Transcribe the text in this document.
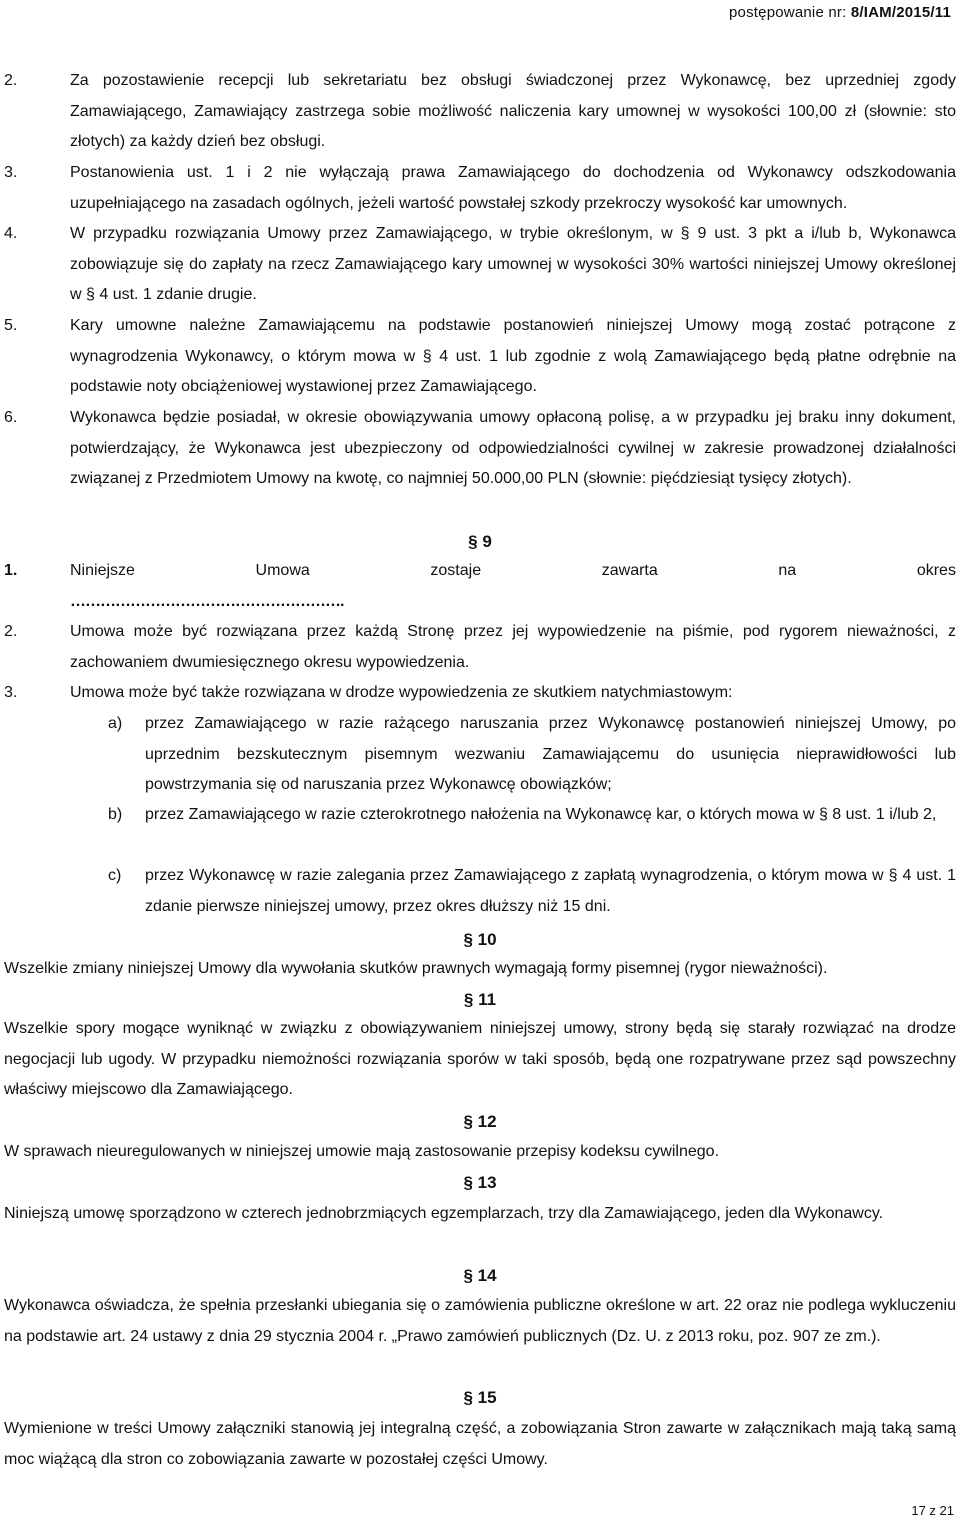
postępowanie nr: 8/IAM/2015/11
2.	Za pozostawienie recepcji lub sekretariatu bez obsługi świadczonej przez Wykonawcę, bez uprzedniej zgody Zamawiającego, Zamawiający zastrzega sobie możliwość naliczenia kary umownej w wysokości 100,00 zł (słownie: sto złotych) za każdy dzień bez obsługi.
3.	Postanowienia ust. 1 i 2 nie wyłączają prawa Zamawiającego do dochodzenia od Wykonawcy odszkodowania uzupełniającego na zasadach ogólnych, jeżeli wartość powstałej szkody przekroczy wysokość kar umownych.
4.	W przypadku rozwiązania Umowy przez Zamawiającego, w trybie określonym, w § 9 ust. 3 pkt a i/lub b, Wykonawca zobowiązuje się do zapłaty na rzecz Zamawiającego kary umownej w wysokości 30% wartości niniejszej Umowy określonej w § 4 ust. 1 zdanie drugie.
5.	Kary umowne należne Zamawiającemu na podstawie postanowień niniejszej Umowy mogą zostać potrącone z wynagrodzenia Wykonawcy, o którym mowa w § 4 ust. 1 lub zgodnie z wolą Zamawiającego będą płatne odrębnie na podstawie noty obciążeniowej wystawionej przez Zamawiającego.
6.	Wykonawca będzie posiadał, w okresie obowiązywania umowy opłaconą polisę, a w przypadku jej braku inny dokument, potwierdzający, że Wykonawca jest ubezpieczony od odpowiedzialności cywilnej w zakresie prowadzonej działalności związanej z Przedmiotem Umowy na kwotę, co najmniej 50.000,00 PLN (słownie: pięćdziesiąt tysięcy złotych).
§ 9
1.	Niniejsze	Umowa	zostaje	zawarta	na	okres
……………………………………………….
2.	Umowa może być rozwiązana przez każdą Stronę przez jej wypowiedzenie na piśmie, pod rygorem nieważności, z zachowaniem dwumiesięcznego okresu wypowiedzenia.
3.	Umowa może być także rozwiązana w drodze wypowiedzenia ze skutkiem natychmiastowym:
a) przez Zamawiającego w razie rażącego naruszania przez Wykonawcę postanowień niniejszej Umowy, po uprzednim bezskutecznym pisemnym wezwaniu Zamawiającemu do usunięcia nieprawidłowości lub powstrzymania się od naruszania przez Wykonawcę obowiązków;
b) przez Zamawiającego w razie czterokrotnego nałożenia na Wykonawcę kar, o których mowa w § 8 ust. 1 i/lub 2,
c) przez Wykonawcę w razie zalegania przez Zamawiającego z zapłatą wynagrodzenia, o którym mowa w § 4 ust. 1 zdanie pierwsze niniejszej umowy, przez okres dłuższy niż 15 dni.
§ 10
Wszelkie zmiany niniejszej Umowy dla wywołania skutków prawnych wymagają formy pisemnej (rygor nieważności).
§ 11
Wszelkie spory mogące wyniknąć w związku z obowiązywaniem niniejszej umowy, strony będą się starały rozwiązać na drodze negocjacji lub ugody. W przypadku niemożności rozwiązania sporów w taki sposób, będą one rozpatrywane przez sąd powszechny właściwy miejscowo dla Zamawiającego.
§ 12
W sprawach nieuregulowanych w niniejszej umowie mają zastosowanie przepisy kodeksu cywilnego.
§ 13
Niniejszą umowę sporządzono w czterech jednobrzmiących egzemplarzach, trzy dla Zamawiającego, jeden dla Wykonawcy.
§ 14
Wykonawca oświadcza, że spełnia przesłanki ubiegania się o zamówienia publiczne określone w art. 22 oraz nie podlega wykluczeniu na podstawie art. 24 ustawy z dnia 29 stycznia 2004 r. „Prawo zamówień publicznych (Dz. U. z 2013 roku, poz. 907 ze zm.).
§ 15
Wymienione w treści Umowy załączniki stanowią jej integralną część, a zobowiązania Stron zawarte w załącznikach mają taką samą moc wiążącą dla stron co zobowiązania zawarte w pozostałej części Umowy.
17 z 21
